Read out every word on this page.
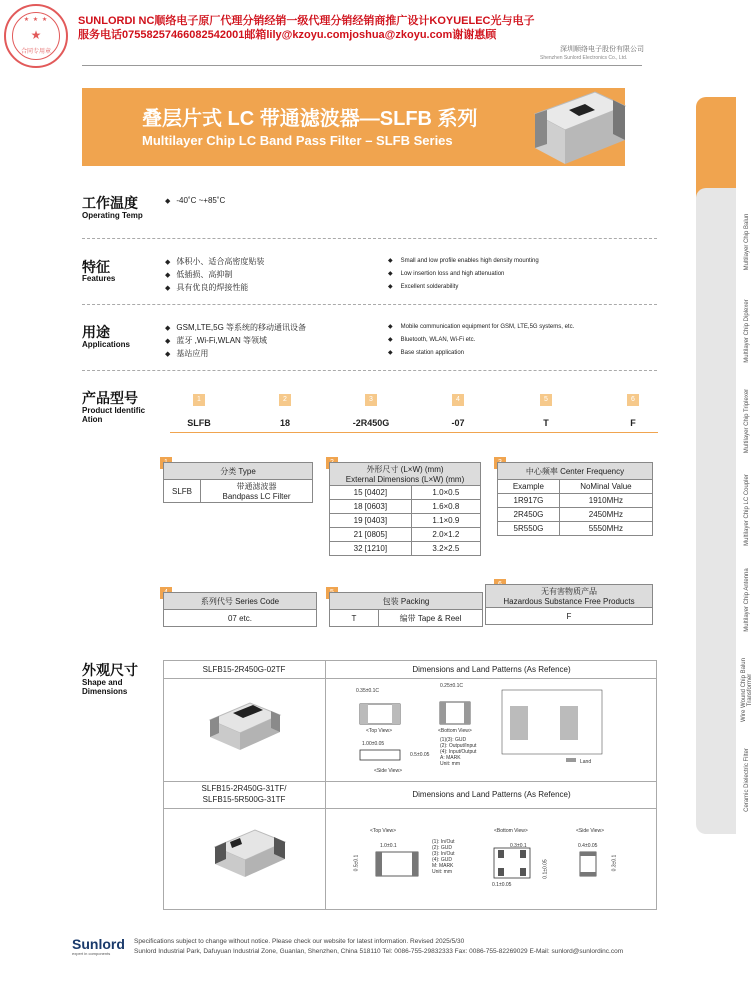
★ ★ ★
★
合同专用章
SUNLORDI NC顺络电子原厂代理分销经销一级代理分销经销商推广设计KOYUELEC光与电子
服务电话07558257466082542001邮箱lily@kzoyu.comjoshua@zkoyu.com谢谢惠顾
深圳顺络电子股份有限公司
Shenzhen Sunlord Electronics Co., Ltd.
叠层片式 LC 带通滤波器—SLFB 系列
Multilayer Chip LC Band Pass Filter – SLFB Series
工作温度
Operating Temp
◆ -40˚C ~+85˚C
特征
Features
◆ 体积小、适合高密度贴装
◆ 低插损、高抑制
◆ 具有优良的焊接性能
◆ Small and low profile enables high density mounting
◆ Low insertion loss and high attenuation
◆ Excellent solderability
用途
Applications
◆ GSM,LTE,5G 等系统的移动通讯设备
◆ 蓝牙 ,Wi-Fi,WLAN 等领域
◆ 基站应用
◆ Mobile communication equipment for GSM, LTE,5G systems, etc.
◆ Bluetooth, WLAN, Wi-Fi etc.
◆ Base station application
产品型号
Product Identific Ation
1
SLFB
2
18
3
-2R450G
4
-07
5
T
6
F
分类 Type
SLFB	带通滤波器
Bandpass LC Filter
外形尺寸 (L×W) (mm)
External Dimensions (L×W) (mm)	

15 [0402]	1.0×0.5
18 [0603]	1.6×0.8
19 [0403]	1.1×0.9
21 [0805]	2.0×1.2
32 [1210]	3.2×2.5
中心频率 Center Frequency	
Example	NoMinal Value
1R917G	1910MHz
2R450G	2450MHz
5R550G	5550MHz
系列代号 Series Code
07 etc.
包装 Packing
T	编带 Tape & Reel
无有害物质产品
Hazardous Substance Free Products

F
外观尺寸
Shape and Dimensions
SLFB15-2R450G-02TF	Dimensions and Land Patterns (As Refence)
SLFB15-2R450G-31TF/
SLFB15-5R500G-31TF
Dimensions and Land Patterns (As Refence)
0.35±0.1C
0.25±0.1C
<Top View>	<Bottom View>
1.00±0.05
0.5±0.05
<Side View>
(1)(3): GUD
(2): Output/Input
(4): Input/Output
A: MARK
Unit: mm	Land
<Top View>	<Bottom View>	<Side View>
1.0±0.1
0.5±0.1
0.3±0.1
0.1±0.05
0.1±0.05
0.4±0.05
0.3±0.1
(1): In/Out
(2): GUD
(3): In/Out
(4): GUD
M: MARK
Unit: mm
Multilayer Chip LC Filter
Multilayer Chip Balun
Multilayer Chip Diplexer
Multilayer Chip Triplexer
Multilayer Chip LC Coupler
Multilayer Chip Antenna
Wire Wound Chip Balun Transformer
Ceramic Dielectric Filter
Sunlord
expert in components
Specifications subject to change without notice. Please check our website for latest information. Revised 2025/5/30
Sunlord Industrial Park, Dafuyuan Industrial Zone, Guanlan, Shenzhen, China 518110 Tel: 0086-755-29832333 Fax: 0086-755-82269029 E-Mail: sunlord@sunlordinc.com
